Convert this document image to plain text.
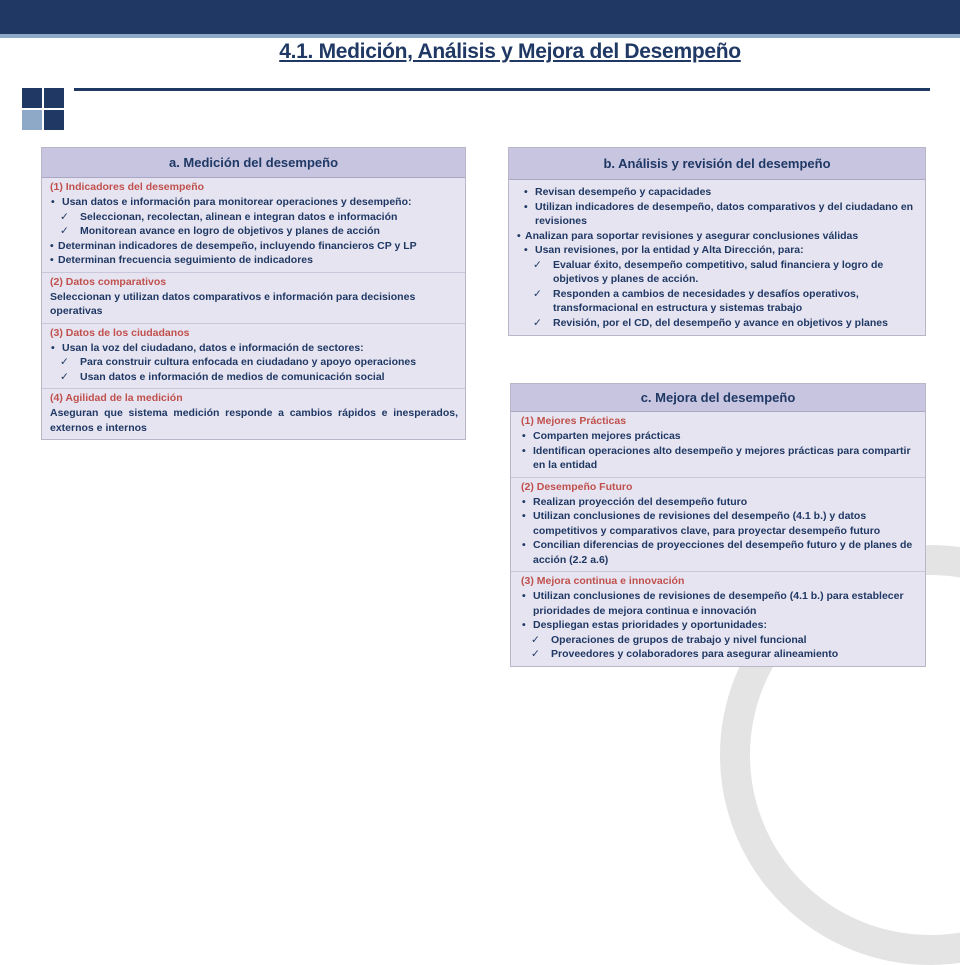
4.1. Medición, Análisis y Mejora del Desempeño
a. Medición del desempeño
(1) Indicadores del desempeño
• Usan datos e información para monitorear operaciones y desempeño:
✓ Seleccionan, recolectan, alinean e integran datos e información
✓ Monitorean avance en logro de objetivos y planes de acción
• Determinan indicadores de desempeño, incluyendo financieros CP y LP
• Determinan frecuencia seguimiento de indicadores
(2) Datos comparativos
Seleccionan y utilizan datos comparativos e información para decisiones operativas
(3) Datos de los ciudadanos
• Usan la voz del ciudadano, datos e información de sectores:
✓ Para construir cultura enfocada en ciudadano y apoyo operaciones
✓ Usan datos e información de medios de comunicación social
(4) Agilidad de la medición
Aseguran que sistema medición responde a cambios rápidos e inesperados, externos e internos
b. Análisis y revisión del desempeño
• Revisan desempeño y capacidades
• Utilizan indicadores de desempeño, datos comparativos y del ciudadano en revisiones
• Analizan para soportar revisiones y asegurar conclusiones válidas
• Usan revisiones, por la entidad y Alta Dirección, para:
✓ Evaluar éxito, desempeño competitivo, salud financiera y logro de objetivos y planes de acción.
✓ Responden a cambios de necesidades y desafíos operativos, transformacional en estructura y sistemas trabajo
✓ Revisión, por el CD, del desempeño y avance en objetivos y planes
c. Mejora del desempeño
(1) Mejores Prácticas
• Comparten mejores prácticas
• Identifican operaciones alto desempeño y mejores prácticas para compartir en la entidad
(2) Desempeño Futuro
• Realizan proyección del desempeño futuro
• Utilizan conclusiones de revisiones del desempeño (4.1 b.) y datos competitivos y comparativos clave, para proyectar desempeño futuro
• Concilian diferencias de proyecciones del desempeño futuro y de planes de acción (2.2 a.6)
(3) Mejora continua e innovación
• Utilizan conclusiones de revisiones de desempeño (4.1 b.) para establecer prioridades de mejora continua e innovación
• Despliegan estas prioridades y oportunidades:
✓ Operaciones de grupos de trabajo y nivel funcional
✓ Proveedores y colaboradores para asegurar alineamiento
